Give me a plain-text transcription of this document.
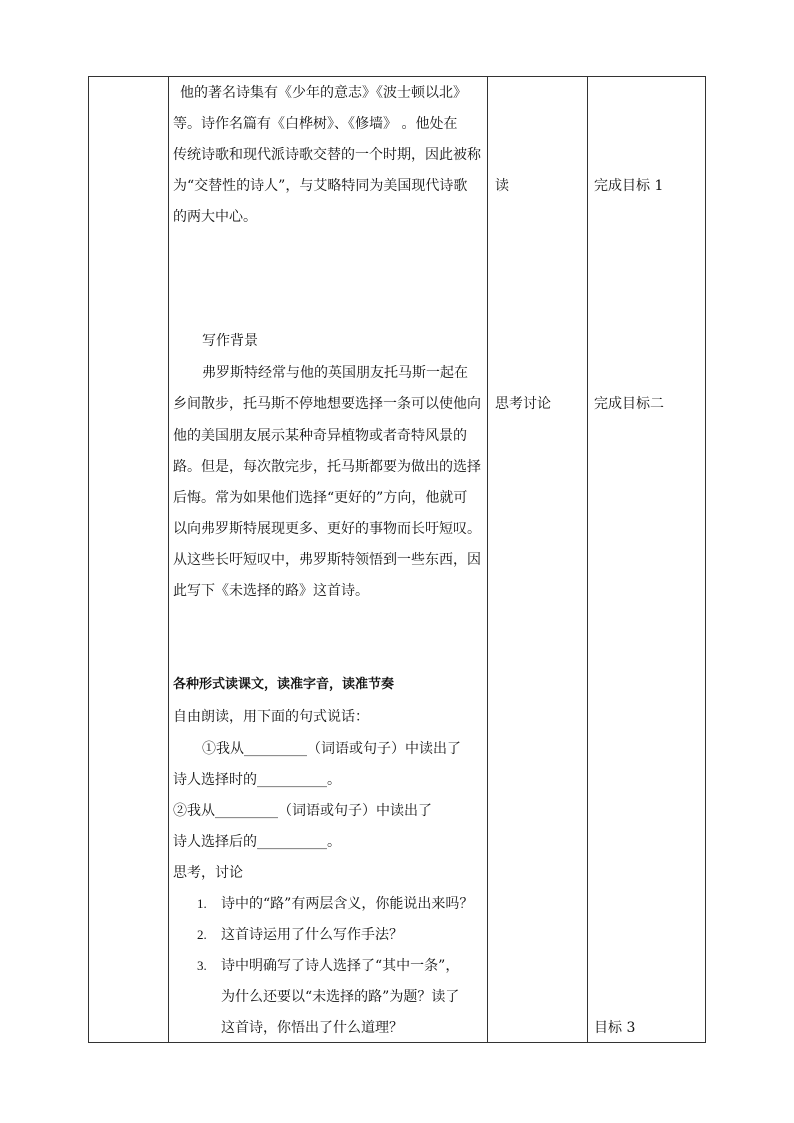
他的著名诗集有《少年的意志》《波士顿以北》
等。诗作名篇有《白桦树》、《修墙》 。他处在
传统诗歌和现代派诗歌交替的一个时期，因此被称
为“交替性的诗人”，与艾略特同为美国现代诗歌
的两大中心。
写作背景
弗罗斯特经常与他的英国朋友托马斯一起在
乡间散步，托马斯不停地想要选择一条可以使他向
他的美国朋友展示某种奇异植物或者奇特风景的
路。但是，每次散完步，托马斯都要为做出的选择
后悔。常为如果他们选择“更好的”方向，他就可
以向弗罗斯特展现更多、更好的事物而长吁短叹。
从这些长吁短叹中，弗罗斯特领悟到一些东西，因
此写下《未选择的路》这首诗。
各种形式读课文，读准字音，读准节奏
自由朗读，用下面的句式说话：
①我从_________（词语或句子）中读出了
诗人选择时的__________。
②我从_________（词语或句子）中读出了
诗人选择后的__________。
思考，讨论
1. 诗中的“路”有两层含义，你能说出来吗？
2. 这首诗运用了什么写作手法？
3. 诗中明确写了诗人选择了“其中一条”，
为什么还要以“未选择的路”为题？读了
这首诗，你悟出了什么道理？
读
思考讨论
完成目标 1
完成目标二
目标 3
